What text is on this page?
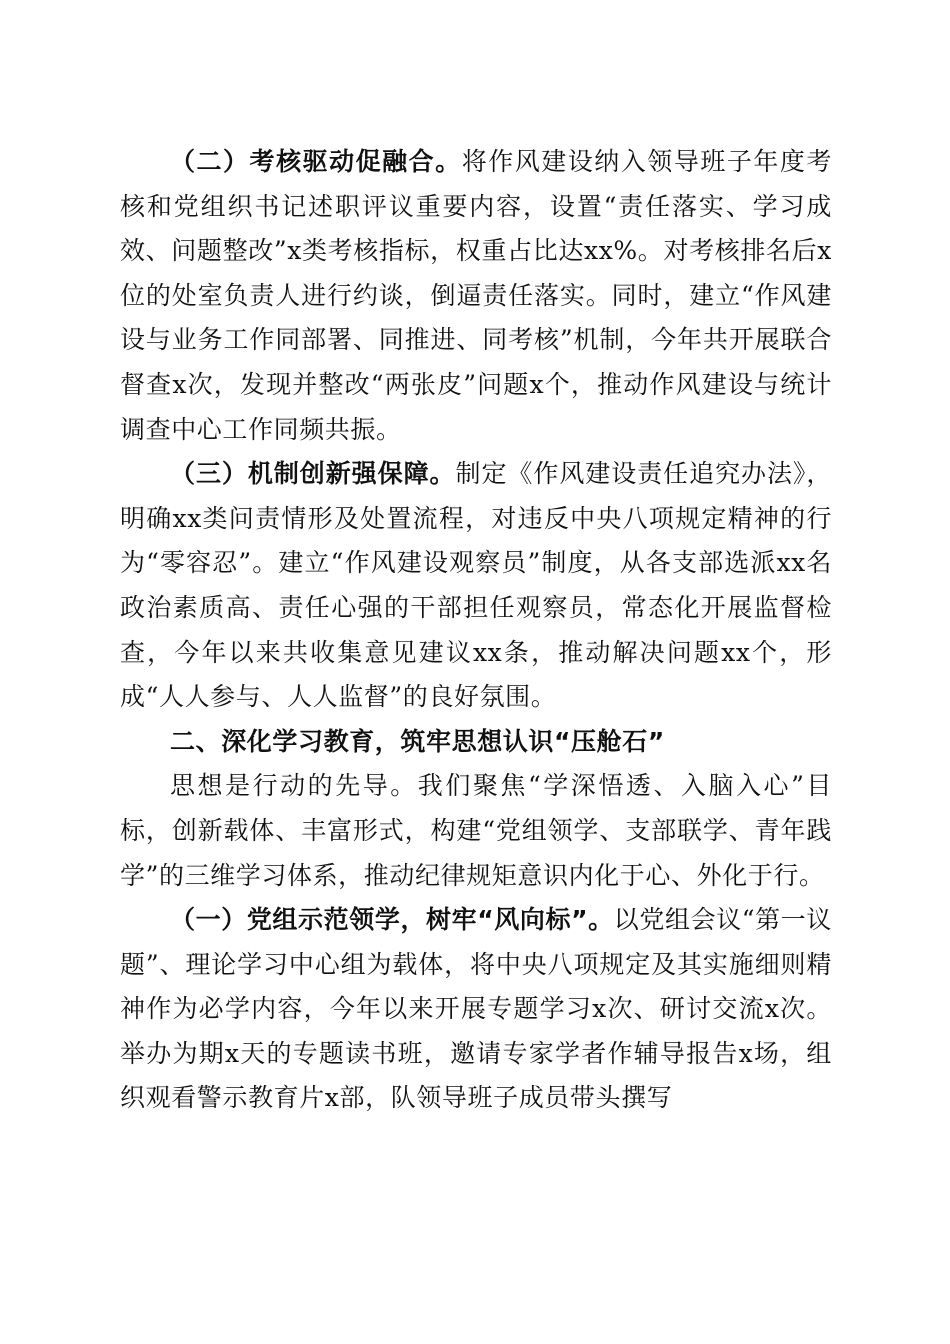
（二）考核驱动促融合。将作风建设纳入领导班子年度考核和党组织书记述职评议重要内容，设置“责任落实、学习成效、问题整改”x类考核指标，权重占比达xx%。对考核排名后x位的处室负责人进行约谈，倒逼责任落实。同时，建立“作风建设与业务工作同部署、同推进、同考核”机制，今年共开展联合督查x次，发现并整改“两张皮”问题x个，推动作风建设与统计调查中心工作同频共振。

（三）机制创新强保障。制定《作风建设责任追究办法》，明确xx类问责情形及处置流程，对违反中央八项规定精神的行为“零容忍”。建立“作风建设观察员”制度，从各支部选派xx名政治素质高、责任心强的干部担任观察员，常态化开展监督检查，今年以来共收集意见建议xx条，推动解决问题xx个，形成“人人参与、人人监督”的良好氛围。

二、深化学习教育，筑牢思想认识“压舱石”

思想是行动的先导。我们聚焦“学深悟透、入脑入心”目标，创新载体、丰富形式，构建“党组领学、支部联学、青年践学”的三维学习体系，推动纪律规矩意识内化于心、外化于行。

（一）党组示范领学，树牢“风向标”。以党组会议“第一议题”、理论学习中心组为载体，将中央八项规定及其实施细则精神作为必学内容，今年以来开展专题学习x次、研讨交流x次。举办为期x天的专题读书班，邀请专家学者作辅导报告x场，组织观看警示教育片x部，队领导班子成员带头撰写
